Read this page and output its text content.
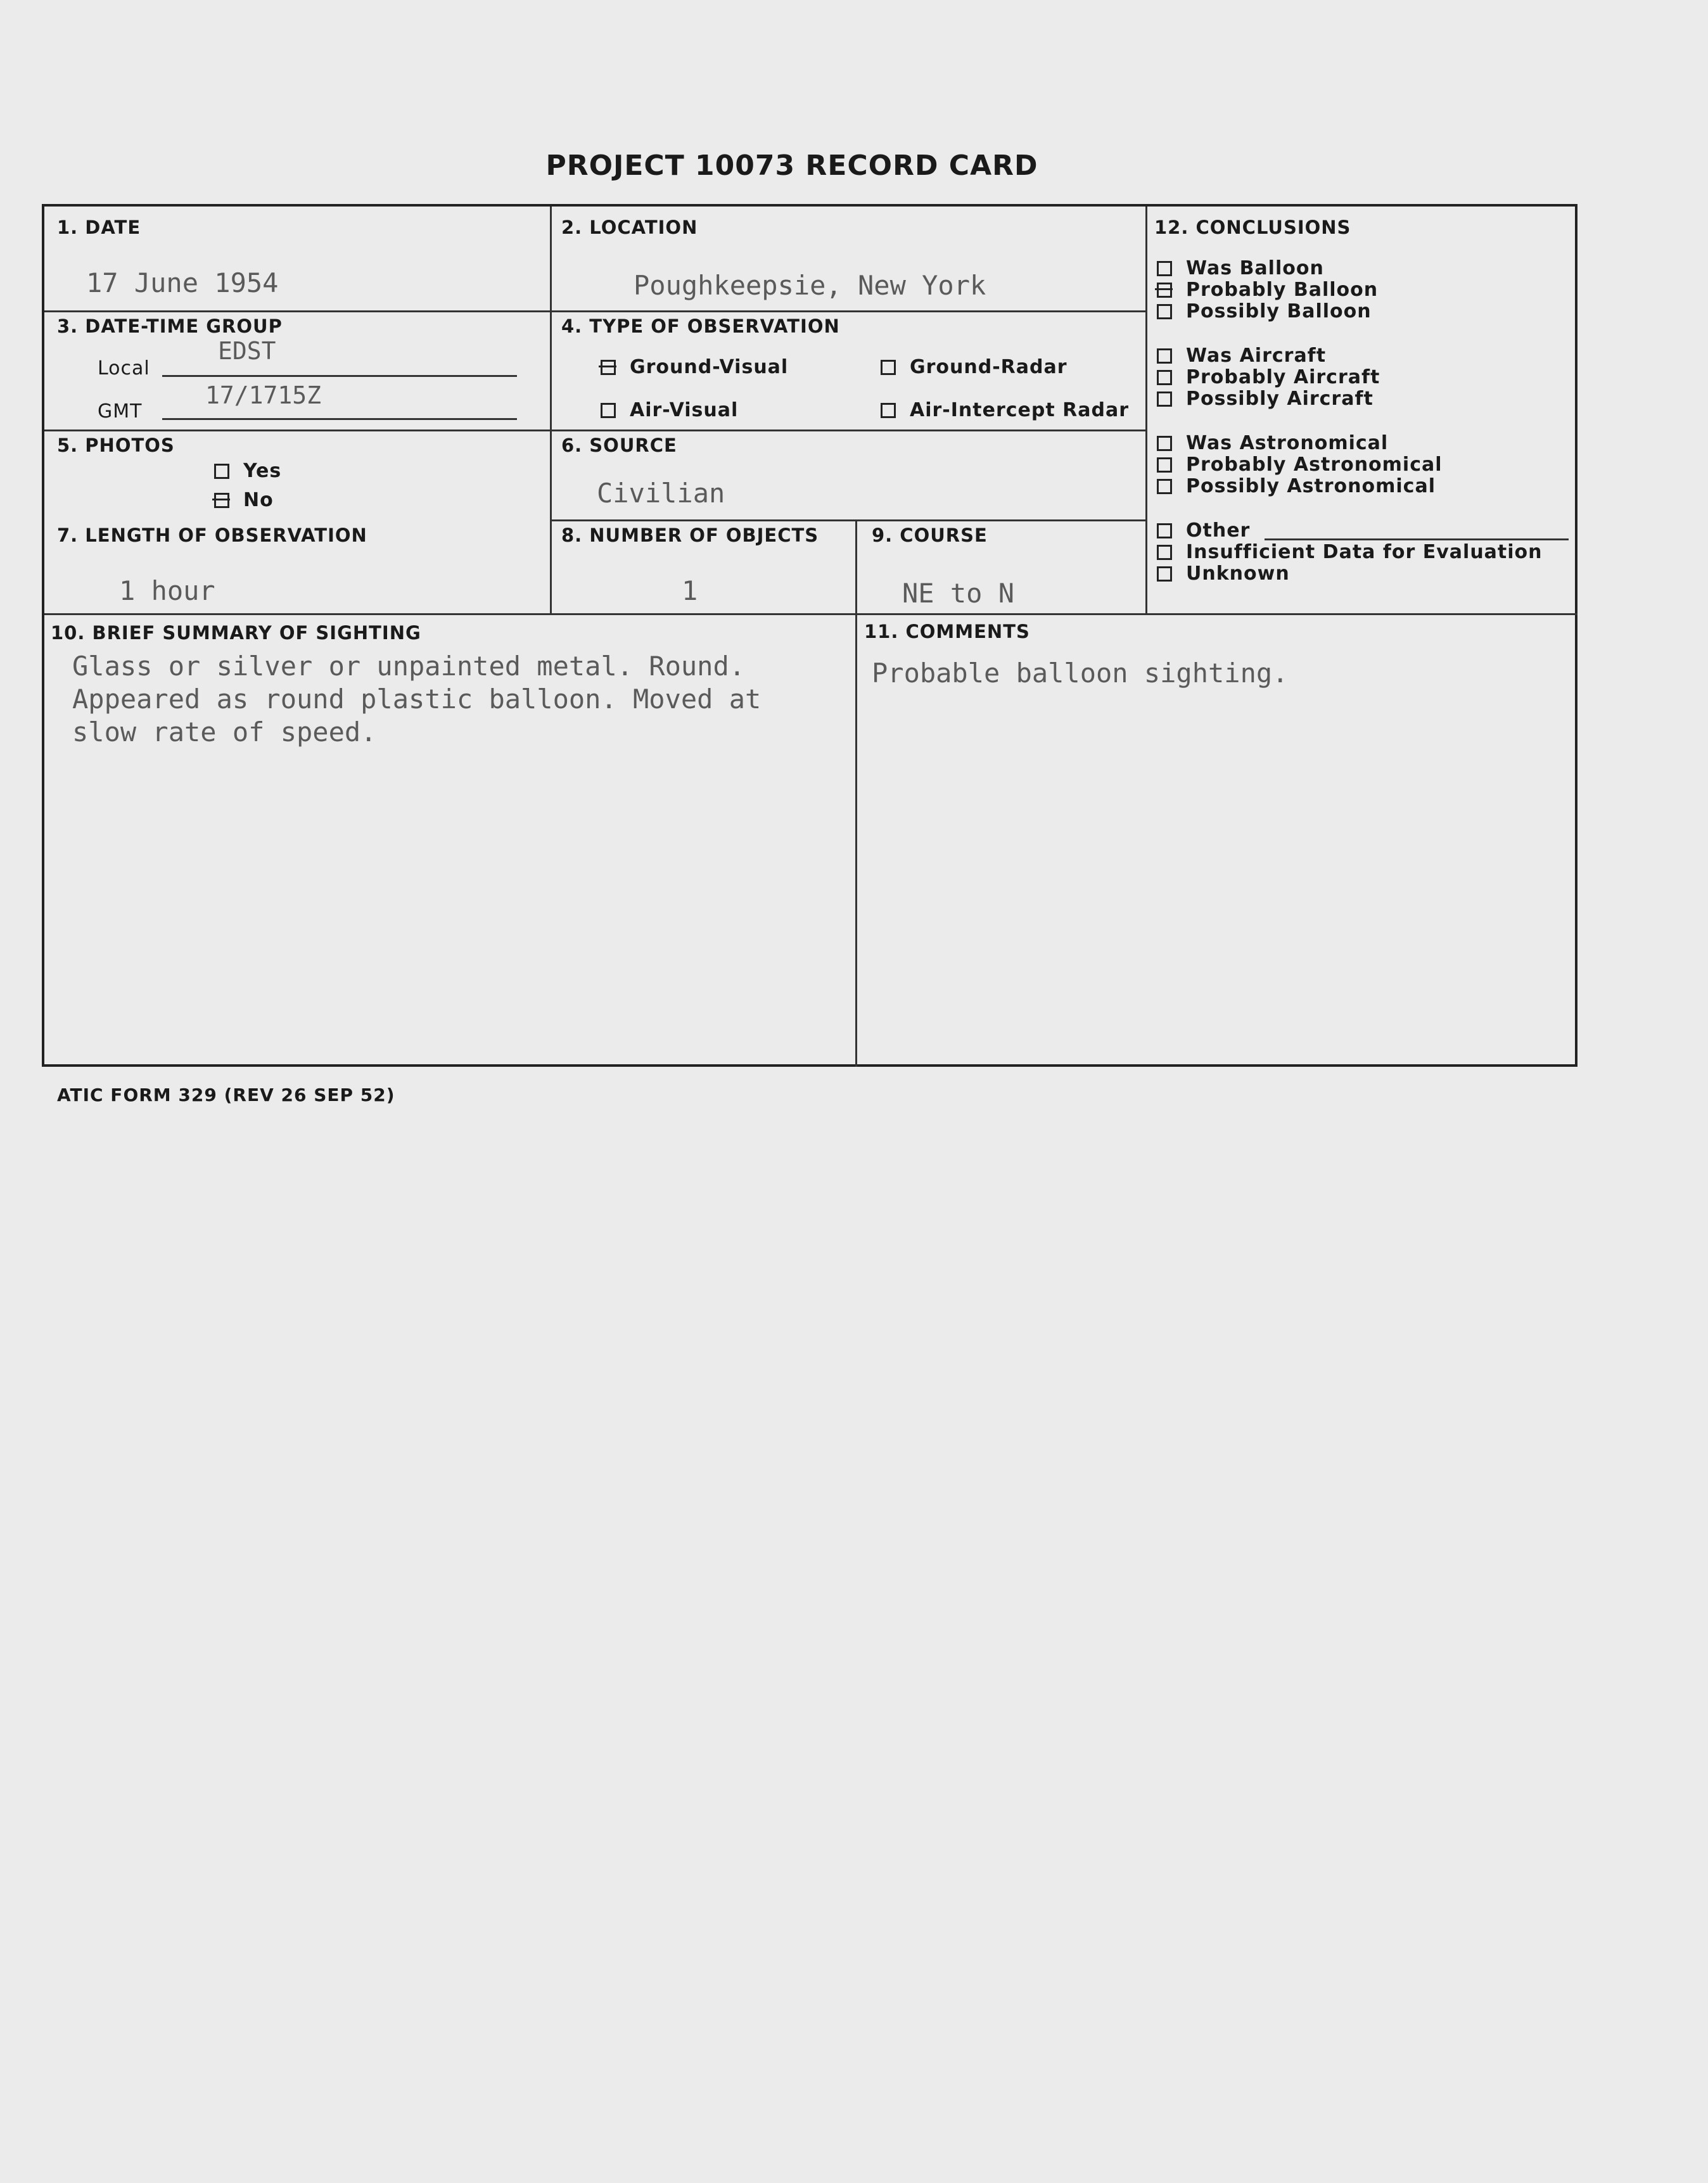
PROJECT 10073 RECORD CARD
1. DATE
17 June 1954
2. LOCATION
Poughkeepsie, New York
3. DATE-TIME GROUP
Local
EDST
GMT
17/1715Z
4. TYPE OF OBSERVATION
Ground-Visual	Ground-Radar
Air-Visual	Air-Intercept Radar
5. PHOTOS
Yes
No
6. SOURCE
Civilian
7. LENGTH OF OBSERVATION
1 hour
8. NUMBER OF OBJECTS
1
9. COURSE
NE to N
12. CONCLUSIONS
Was Balloon
Probably Balloon
Possibly Balloon
Was Aircraft
Probably Aircraft
Possibly Aircraft
Was Astronomical
Probably Astronomical
Possibly Astronomical
Other
Insufficient Data for Evaluation
Unknown
10. BRIEF SUMMARY OF SIGHTING
Glass or silver or unpainted metal. Round.
Appeared as round plastic balloon. Moved at
slow rate of speed.
11. COMMENTS
Probable balloon sighting.
ATIC FORM 329 (REV 26 SEP 52)
